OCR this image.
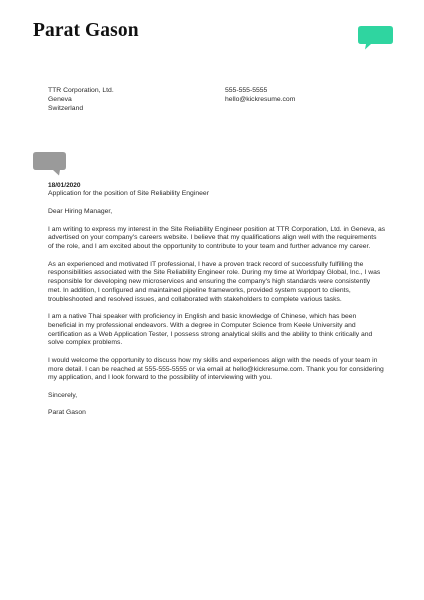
Parat Gason
TTR Corporation, Ltd.
Geneva
Switzerland
555-555-5555
hello@kickresume.com
18/01/2020
Application for the position of Site Reliability Engineer

Dear Hiring Manager,

I am writing to express my interest in the Site Reliability Engineer position at TTR Corporation, Ltd. in Geneva, as
advertised on your company's careers website. I believe that my qualifications align well with the requirements
of the role, and I am excited about the opportunity to contribute to your team and further advance my career.

As an experienced and motivated IT professional, I have a proven track record of successfully fulfilling the
responsibilities associated with the Site Reliability Engineer role. During my time at Worldpay Global, Inc., I was
responsible for developing new microservices and ensuring the company's high standards were consistently
met. In addition, I configured and maintained pipeline frameworks, provided system support to clients,
troubleshooted and resolved issues, and collaborated with stakeholders to complete various tasks.

I am a native Thai speaker with proficiency in English and basic knowledge of Chinese, which has been
beneficial in my professional endeavors. With a degree in Computer Science from Keele University and
certification as a Web Application Tester, I possess strong analytical skills and the ability to think critically and
solve complex problems.

I would welcome the opportunity to discuss how my skills and experiences align with the needs of your team in
more detail. I can be reached at 555-555-5555 or via email at hello@kickresume.com. Thank you for considering
my application, and I look forward to the possibility of interviewing with you.

Sincerely,

Parat Gason
